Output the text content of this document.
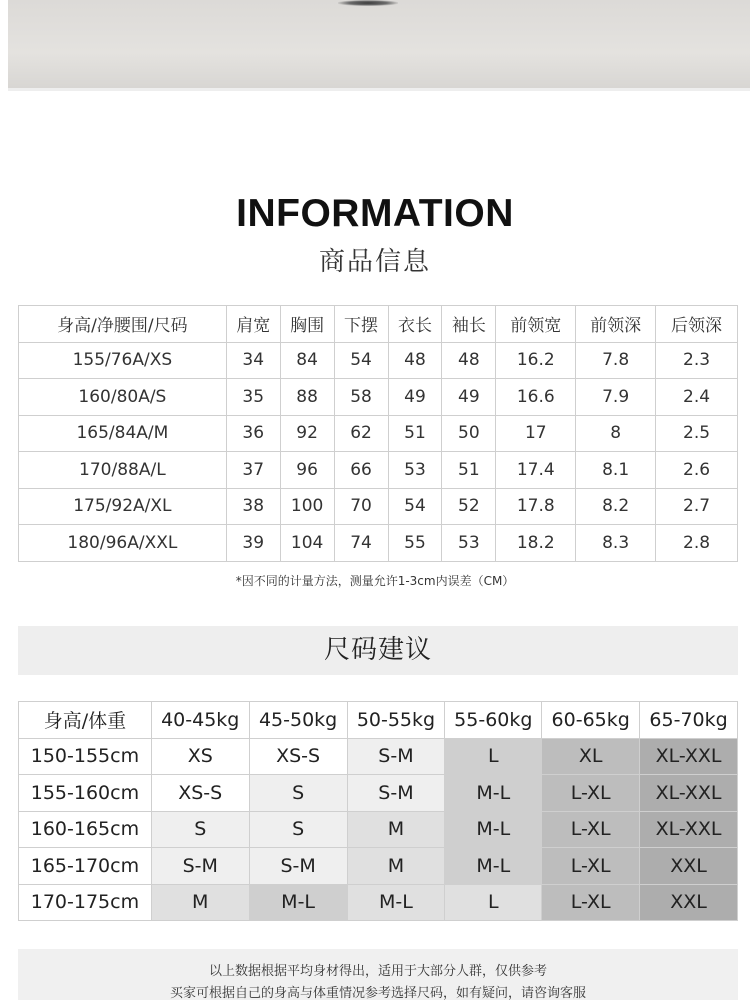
INFORMATION
商品信息
身高/净腰围/尺码	肩宽	胸围	下摆	衣长	袖长	前领宽	前领深	后领深
155/76A/XS	34	84	54	48	48	16.2	7.8	2.3
160/80A/S	35	88	58	49	49	16.6	7.9	2.4
165/84A/M	36	92	62	51	50	17	8	2.5
170/88A/L	37	96	66	53	51	17.4	8.1	2.6
175/92A/XL	38	100	70	54	52	17.8	8.2	2.7
180/96A/XXL	39	104	74	55	53	18.2	8.3	2.8
*因不同的计量方法，测量允许1-3cm内误差（CM）
尺码建议
身高/体重	40-45kg	45-50kg	50-55kg	55-60kg	60-65kg	65-70kg
150-155cm	XS	XS-S	S-M	L	XL	XL-XXL
155-160cm	XS-S	S	S-M	M-L	L-XL	XL-XXL
160-165cm	S	S	M	M-L	L-XL	XL-XXL
165-170cm	S-M	S-M	M	M-L	L-XL	XXL
170-175cm	M	M-L	M-L	L	L-XL	XXL
以上数据根据平均身材得出，适用于大部分人群，仅供参考
买家可根据自己的身高与体重情况参考选择尺码，如有疑问，请咨询客服
